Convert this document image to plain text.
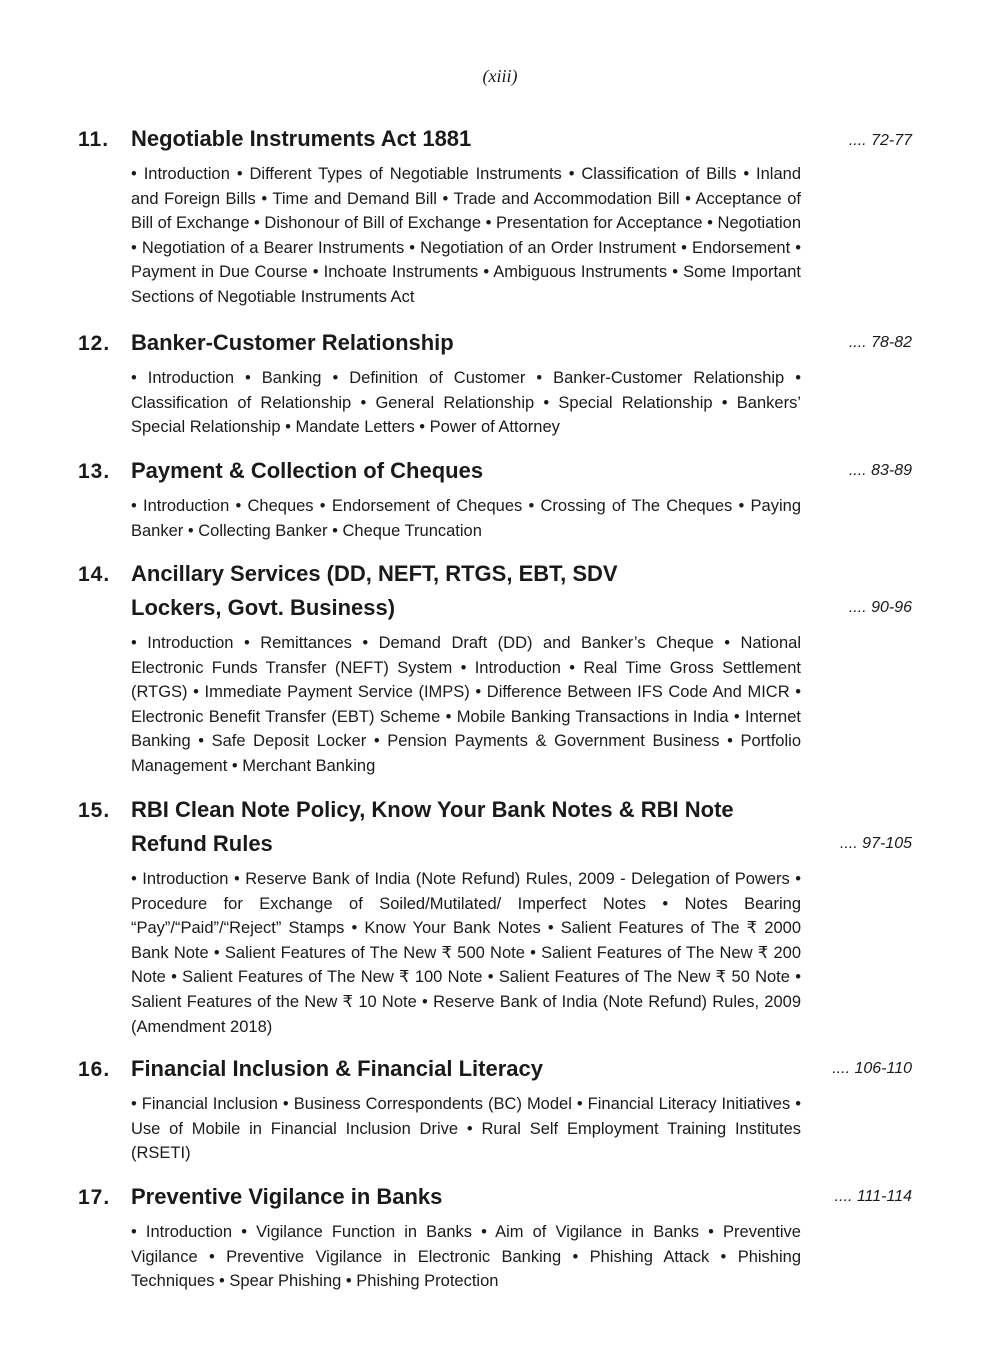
(xiii)
11. Negotiable Instruments Act 1881	.... 72-77
• Introduction • Different Types of Negotiable Instruments • Classification of Bills • Inland and Foreign Bills • Time and Demand Bill • Trade and Accommodation Bill • Acceptance of Bill of Exchange • Dishonour of Bill of Exchange • Presentation for Acceptance • Negotiation • Negotiation of a Bearer Instruments • Negotiation of an Order Instrument • Endorsement • Payment in Due Course • Inchoate Instruments • Ambiguous Instruments • Some Important Sections of Negotiable Instruments Act
12. Banker-Customer Relationship	.... 78-82
• Introduction • Banking • Definition of Customer • Banker-Customer Relationship • Classification of Relationship • General Relationship • Special Relationship • Bankers’ Special Relationship • Mandate Letters • Power of Attorney
13. Payment & Collection of Cheques	.... 83-89
• Introduction • Cheques • Endorsement of Cheques • Crossing of The Cheques • Paying Banker • Collecting Banker • Cheque Truncation
14. Ancillary Services (DD, NEFT, RTGS, EBT, SDV Lockers, Govt. Business)	.... 90-96
• Introduction • Remittances • Demand Draft (DD) and Banker’s Cheque • National Electronic Funds Transfer (NEFT) System • Introduction • Real Time Gross Settlement (RTGS) • Immediate Payment Service (IMPS) • Difference Between IFS Code And MICR • Electronic Benefit Transfer (EBT) Scheme • Mobile Banking Transactions in India • Internet Banking • Safe Deposit Locker • Pension Payments & Government Business • Portfolio Management • Merchant Banking
15. RBI Clean Note Policy, Know Your Bank Notes & RBI Note Refund Rules	.... 97-105
• Introduction • Reserve Bank of India (Note Refund) Rules, 2009 - Delegation of Powers • Procedure for Exchange of Soiled/Mutilated/ Imperfect Notes • Notes Bearing “Pay”/“Paid”/“Reject” Stamps • Know Your Bank Notes • Salient Features of The ₹ 2000 Bank Note • Salient Features of The New ₹ 500 Note • Salient Features of The New ₹ 200 Note • Salient Features of The New ₹ 100 Note • Salient Features of The New ₹ 50 Note • Salient Features of the New ₹ 10 Note • Reserve Bank of India (Note Refund) Rules, 2009 (Amendment 2018)
16. Financial Inclusion & Financial Literacy	.... 106-110
• Financial Inclusion • Business Correspondents (BC) Model • Financial Literacy Initiatives • Use of Mobile in Financial Inclusion Drive • Rural Self Employment Training Institutes (RSETI)
17. Preventive Vigilance in Banks	.... 111-114
• Introduction • Vigilance Function in Banks • Aim of Vigilance in Banks • Preventive Vigilance • Preventive Vigilance in Electronic Banking • Phishing Attack • Phishing Techniques • Spear Phishing • Phishing Protection
